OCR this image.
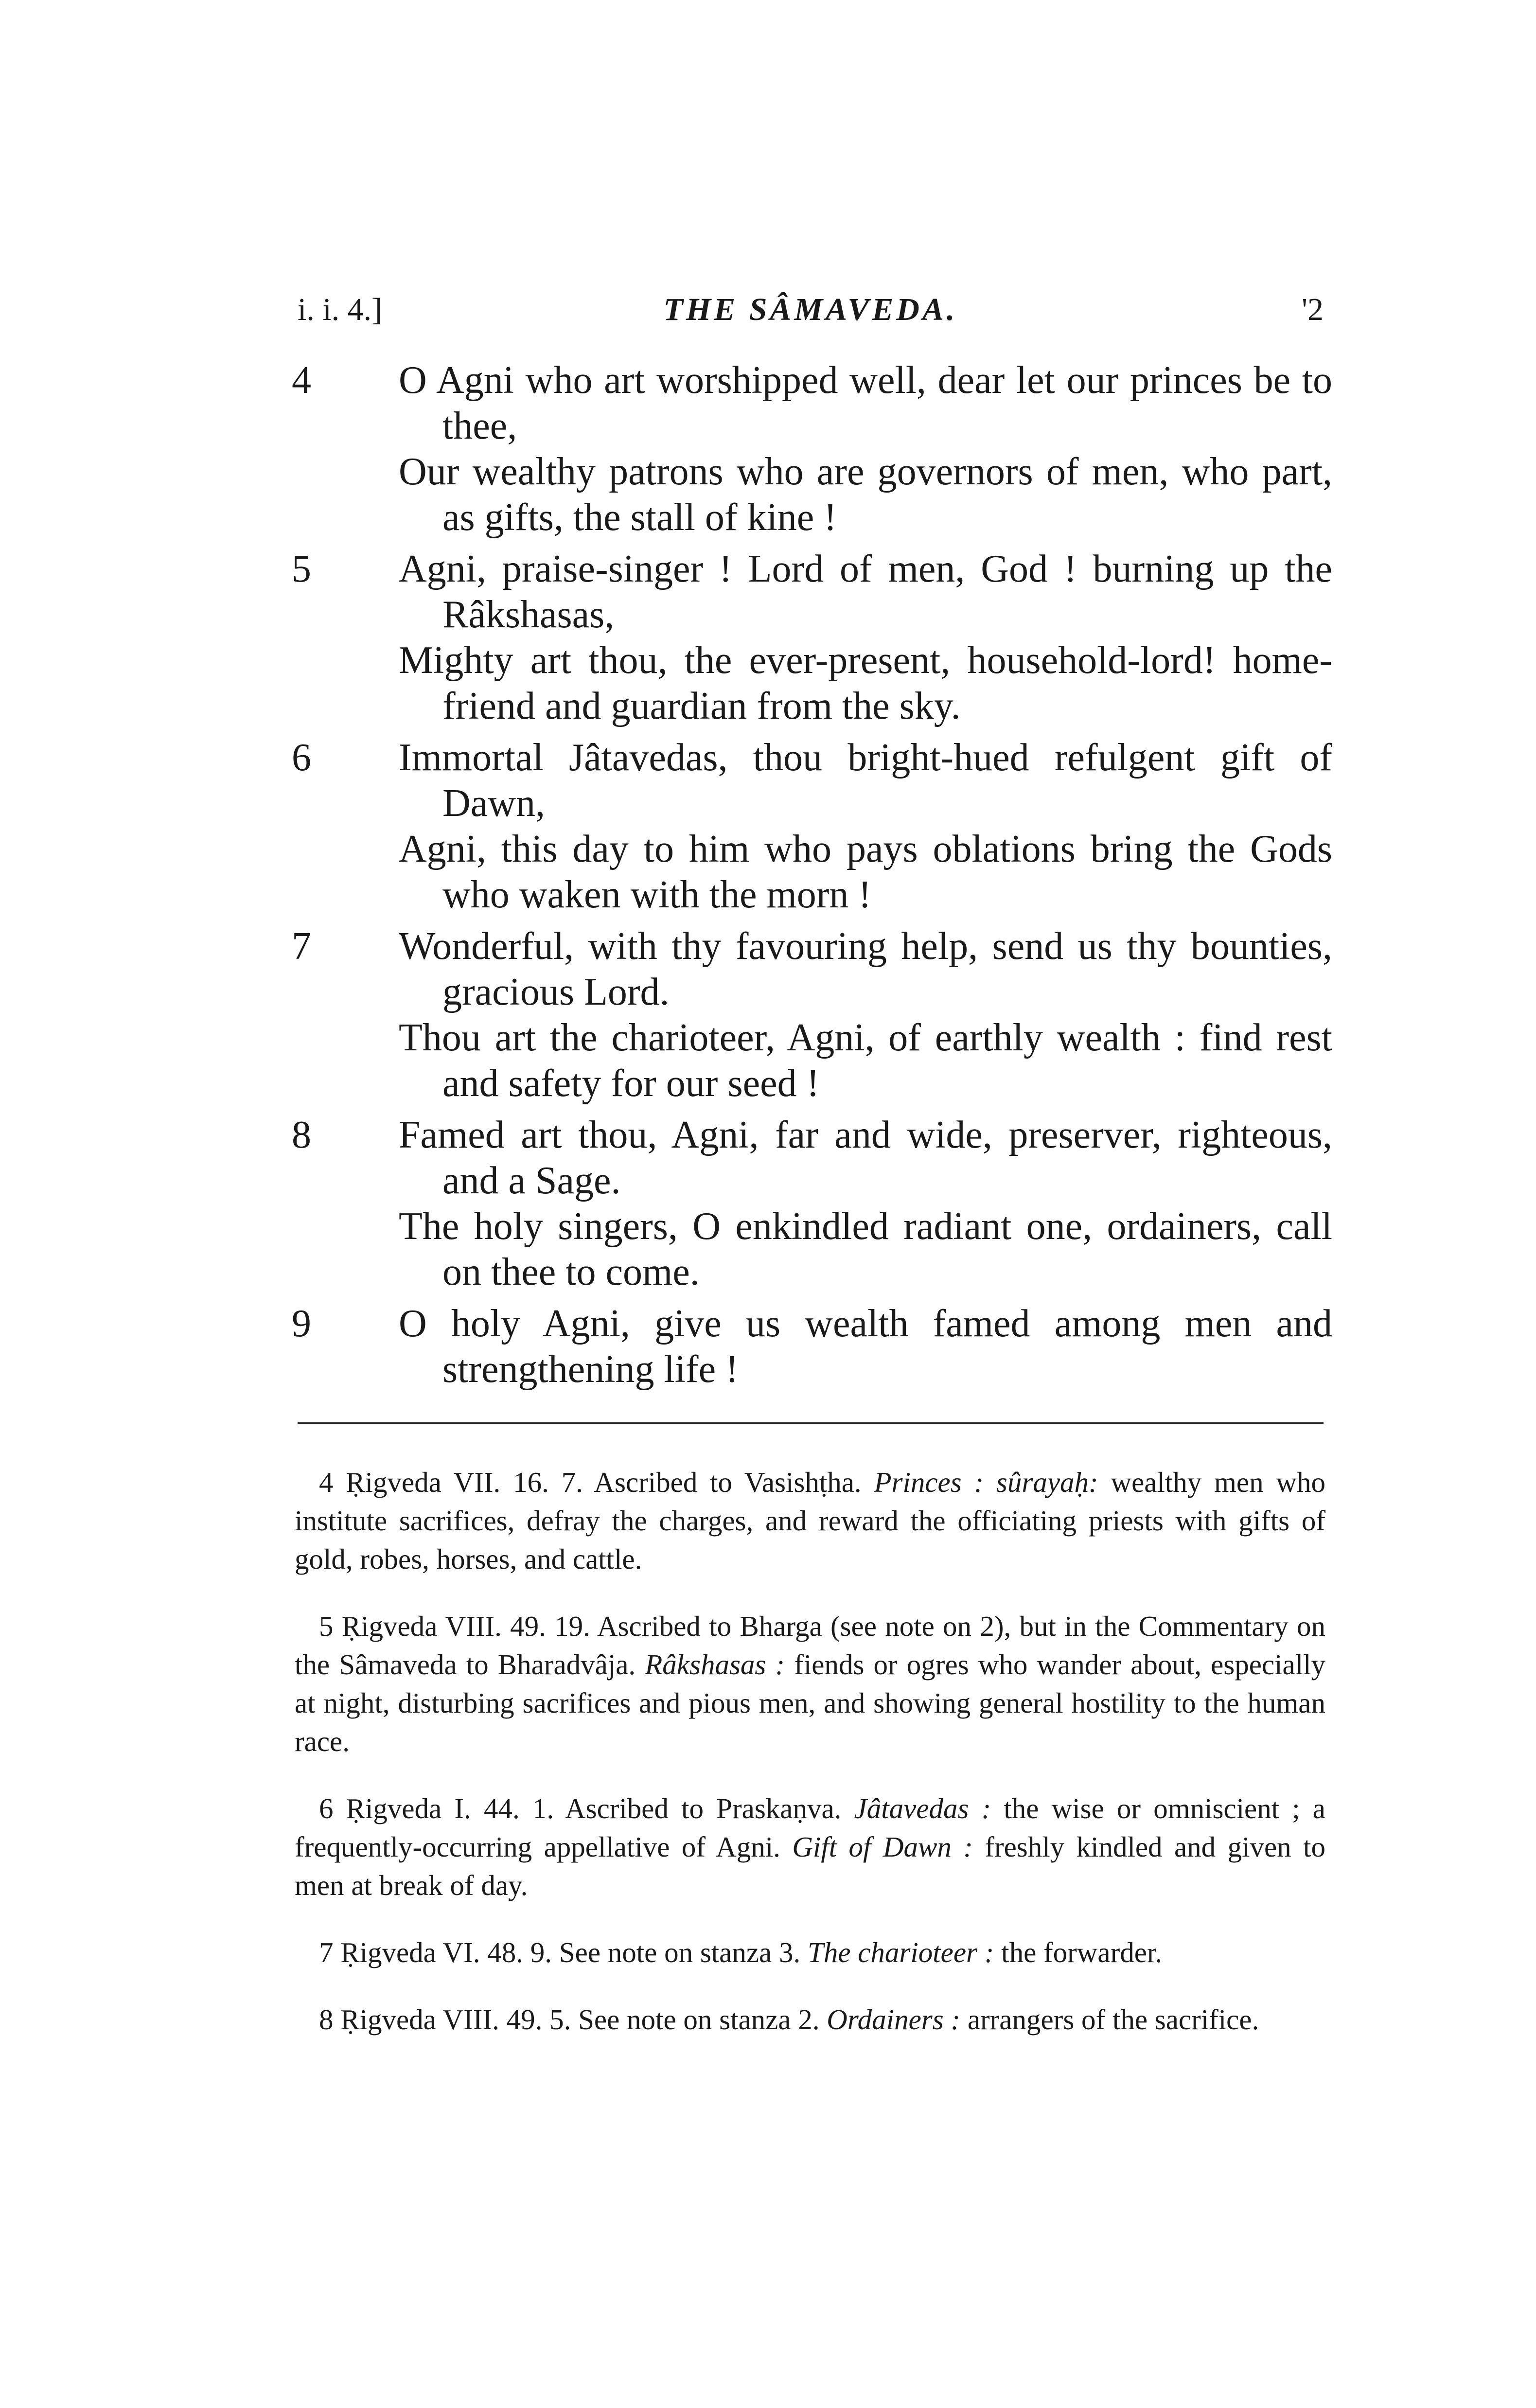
i. i. 4.]	THE SÂMAVEDA.	'2
4	O Agni who art worshipped well, dear let our princes be to thee,
Our wealthy patrons who are governors of men, who part, as gifts, the stall of kine !
5	Agni, praise-singer ! Lord of men, God ! burning up the Râkshasas,
Mighty art thou, the ever-present, household-lord! home-friend and guardian from the sky.
6	Immortal Jâtavedas, thou bright-hued refulgent gift of Dawn,
Agni, this day to him who pays oblations bring the Gods who waken with the morn !
7	Wonderful, with thy favouring help, send us thy bounties, gracious Lord.
Thou art the charioteer, Agni, of earthly wealth : find rest and safety for our seed !
8	Famed art thou, Agni, far and wide, preserver, righteous, and a Sage.
The holy singers, O enkindled radiant one, ordainers, call on thee to come.
9	O holy Agni, give us wealth famed among men and strengthening life !

4 Ṛigveda VII. 16. 7. Ascribed to Vasishṭha. Princes : sûrayaḥ: wealthy men who institute sacrifices, defray the charges, and reward the officiating priests with gifts of gold, robes, horses, and cattle.

5 Ṛigveda VIII. 49. 19. Ascribed to Bharga (see note on 2), but in the Commentary on the Sâmaveda to Bharadvâja. Râkshasas : fiends or ogres who wander about, especially at night, disturbing sacrifices and pious men, and showing general hostility to the human race.

6 Ṛigveda I. 44. 1. Ascribed to Praskaṇva. Jâtavedas : the wise or omniscient ; a frequently-occurring appellative of Agni. Gift of Dawn : freshly kindled and given to men at break of day.

7 Ṛigveda VI. 48. 9. See note on stanza 3. The charioteer : the forwarder.

8 Ṛigveda VIII. 49. 5. See note on stanza 2. Ordainers : arrangers of the sacrifice.
